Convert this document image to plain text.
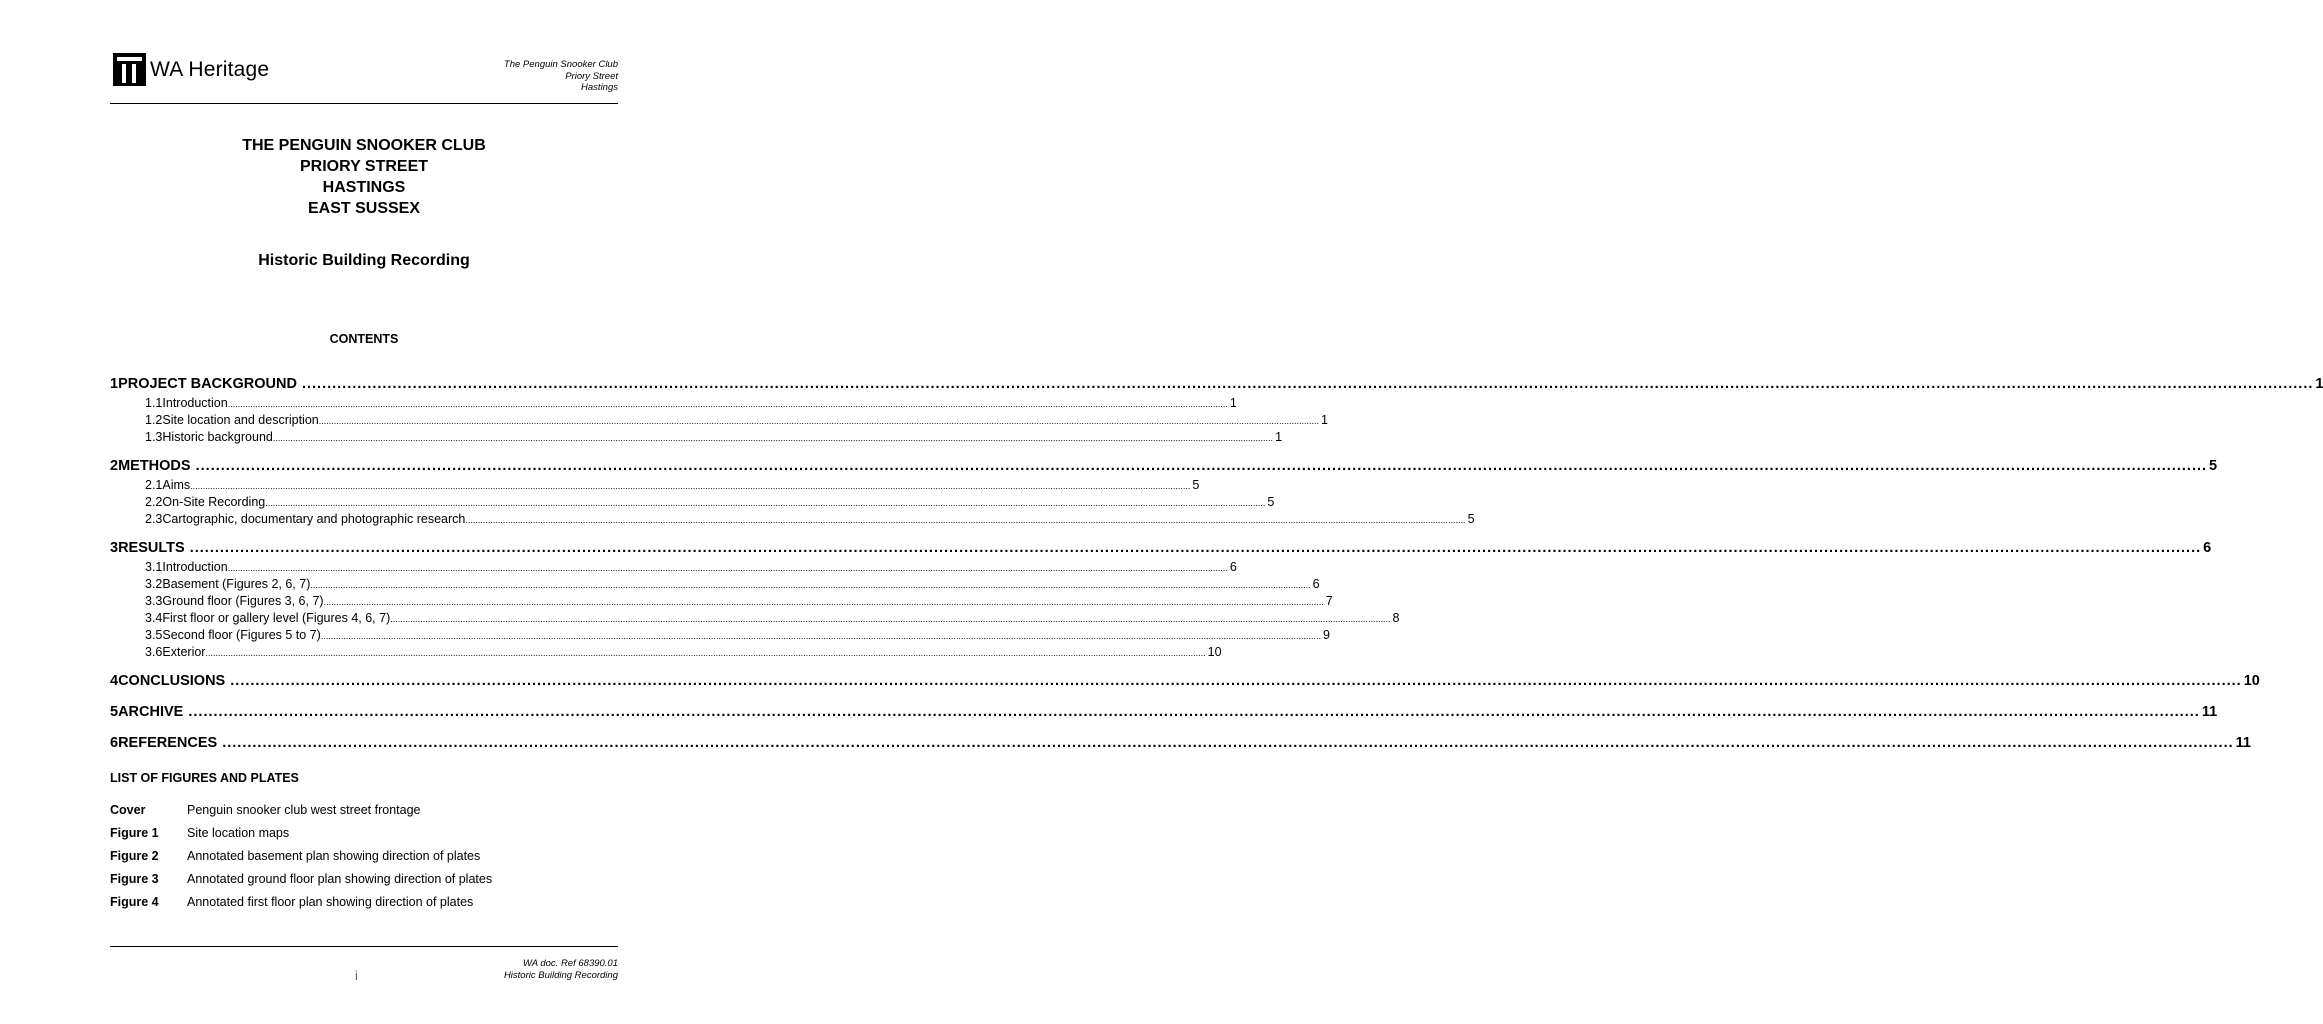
WA Heritage	The Penguin Snooker Club
Priory Street
Hastings
THE PENGUIN SNOOKER CLUB
PRIORY STREET
HASTINGS
EAST SUSSEX
Historic Building Recording
CONTENTS
1 PROJECT BACKGROUND ................................................................................................................................................................................................................................................................................................................................................................................................................ 1
1.1 Introduction................................................................................................................................................................................................................................................................................................................................................................................................................ 1
1.2 Site location and description................................................................................................................................................................................................................................................................................................................................................................................................................ 1
1.3 Historic background................................................................................................................................................................................................................................................................................................................................................................................................................ 1
2 METHODS ................................................................................................................................................................................................................................................................................................................................................................................................................ 5
2.1 Aims................................................................................................................................................................................................................................................................................................................................................................................................................ 5
2.2 On-Site Recording................................................................................................................................................................................................................................................................................................................................................................................................................ 5
2.3 Cartographic, documentary and photographic research................................................................................................................................................................................................................................................................................................................................................................................................................ 5
3 RESULTS ................................................................................................................................................................................................................................................................................................................................................................................................................ 6
3.1 Introduction................................................................................................................................................................................................................................................................................................................................................................................................................ 6
3.2 Basement (Figures 2, 6, 7)................................................................................................................................................................................................................................................................................................................................................................................................................ 6
3.3 Ground floor (Figures 3, 6, 7)................................................................................................................................................................................................................................................................................................................................................................................................................ 7
3.4 First floor or gallery level (Figures 4, 6, 7)................................................................................................................................................................................................................................................................................................................................................................................................................ 8
3.5 Second floor (Figures 5 to 7)................................................................................................................................................................................................................................................................................................................................................................................................................ 9
3.6 Exterior................................................................................................................................................................................................................................................................................................................................................................................................................ 10
4 CONCLUSIONS ................................................................................................................................................................................................................................................................................................................................................................................................................ 10
5 ARCHIVE ................................................................................................................................................................................................................................................................................................................................................................................................................ 11
6 REFERENCES ................................................................................................................................................................................................................................................................................................................................................................................................................ 11
LIST OF FIGURES AND PLATES
Cover	Penguin snooker club west street frontage
Figure 1	Site location maps
Figure 2	Annotated basement plan showing direction of plates
Figure 3	Annotated ground floor plan showing direction of plates
Figure 4	Annotated first floor plan showing direction of plates
WA doc. Ref 68390.01
Historic Building Recording
i
